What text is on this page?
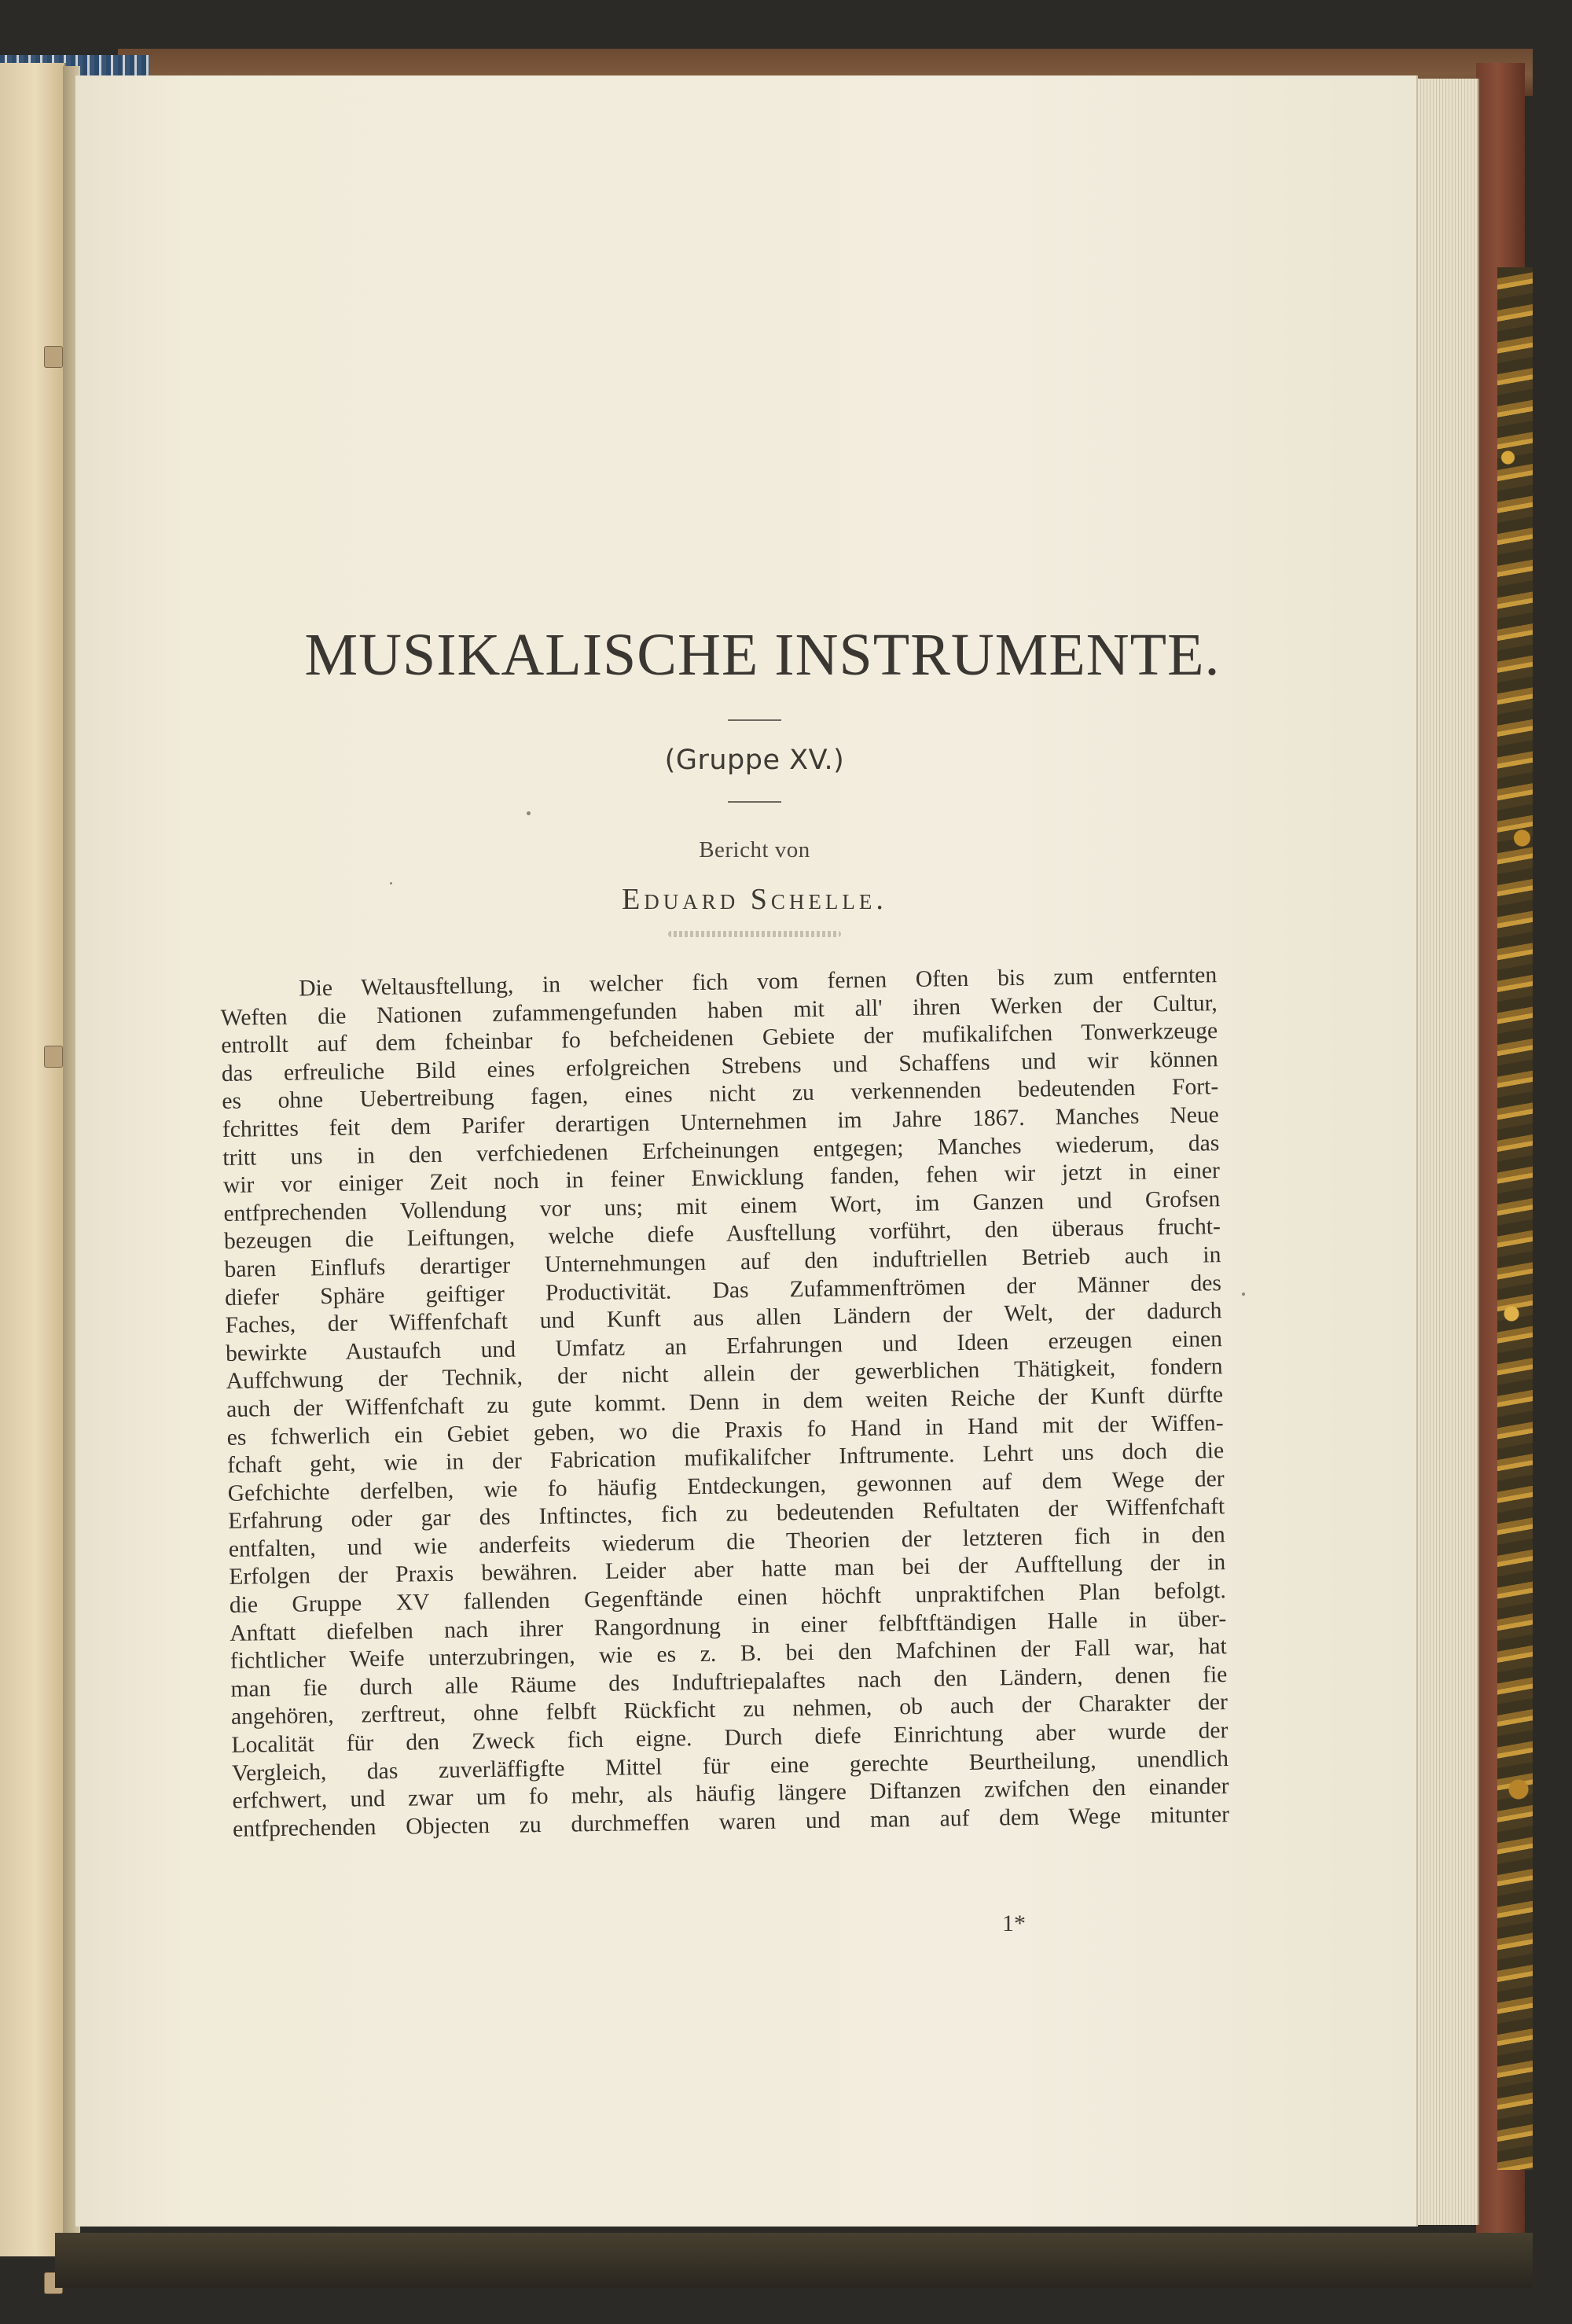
MUSIKALISCHE INSTRUMENTE.
(Gruppe XV.)
Bericht von
Eduard Schelle.
Die Weltausftellung, in welcher fich vom fernen Often bis zum entfernten
Weften die Nationen zufammengefunden haben mit all' ihren Werken der Cultur,
entrollt auf dem fcheinbar fo befcheidenen Gebiete der mufikalifchen Tonwerkzeuge
das erfreuliche Bild eines erfolgreichen Strebens und Schaffens und wir können
es ohne Uebertreibung fagen, eines nicht zu verkennenden bedeutenden Fort-
fchrittes feit dem Parifer derartigen Unternehmen im Jahre 1867. Manches Neue
tritt uns in den verfchiedenen Erfcheinungen entgegen; Manches wiederum, das
wir vor einiger Zeit noch in feiner Enwicklung fanden, fehen wir jetzt in einer
entfprechenden Vollendung vor uns; mit einem Wort, im Ganzen und Grofsen
bezeugen die Leiftungen, welche diefe Ausftellung vorführt, den überaus frucht-
baren Einflufs derartiger Unternehmungen auf den induftriellen Betrieb auch in
diefer Sphäre geiftiger Productivität. Das Zufammenftrömen der Männer des
Faches, der Wiffenfchaft und Kunft aus allen Ländern der Welt, der dadurch
bewirkte Austaufch und Umfatz an Erfahrungen und Ideen erzeugen einen
Auffchwung der Technik, der nicht allein der gewerblichen Thätigkeit, fondern
auch der Wiffenfchaft zu gute kommt. Denn in dem weiten Reiche der Kunft dürfte
es fchwerlich ein Gebiet geben, wo die Praxis fo Hand in Hand mit der Wiffen-
fchaft geht, wie in der Fabrication mufikalifcher Inftrumente. Lehrt uns doch die
Gefchichte derfelben, wie fo häufig Entdeckungen, gewonnen auf dem Wege der
Erfahrung oder gar des Inftinctes, fich zu bedeutenden Refultaten der Wiffenfchaft
entfalten, und wie anderfeits wiederum die Theorien der letzteren fich in den
Erfolgen der Praxis bewähren. Leider aber hatte man bei der Aufftellung der in
die Gruppe XV fallenden Gegenftände einen höchft unpraktifchen Plan befolgt.
Anftatt diefelben nach ihrer Rangordnung in einer felbftftändigen Halle in über-
fichtlicher Weife unterzubringen, wie es z. B. bei den Mafchinen der Fall war, hat
man fie durch alle Räume des Induftriepalaftes nach den Ländern, denen fie
angehören, zerftreut, ohne felbft Rückficht zu nehmen, ob auch der Charakter der
Localität für den Zweck fich eigne. Durch diefe Einrichtung aber wurde der
Vergleich, das zuverläffigfte Mittel für eine gerechte Beurtheilung, unendlich
erfchwert, und zwar um fo mehr, als häufig längere Diftanzen zwifchen den einander
entfprechenden Objecten zu durchmeffen waren und man auf dem Wege mitunter
1*
